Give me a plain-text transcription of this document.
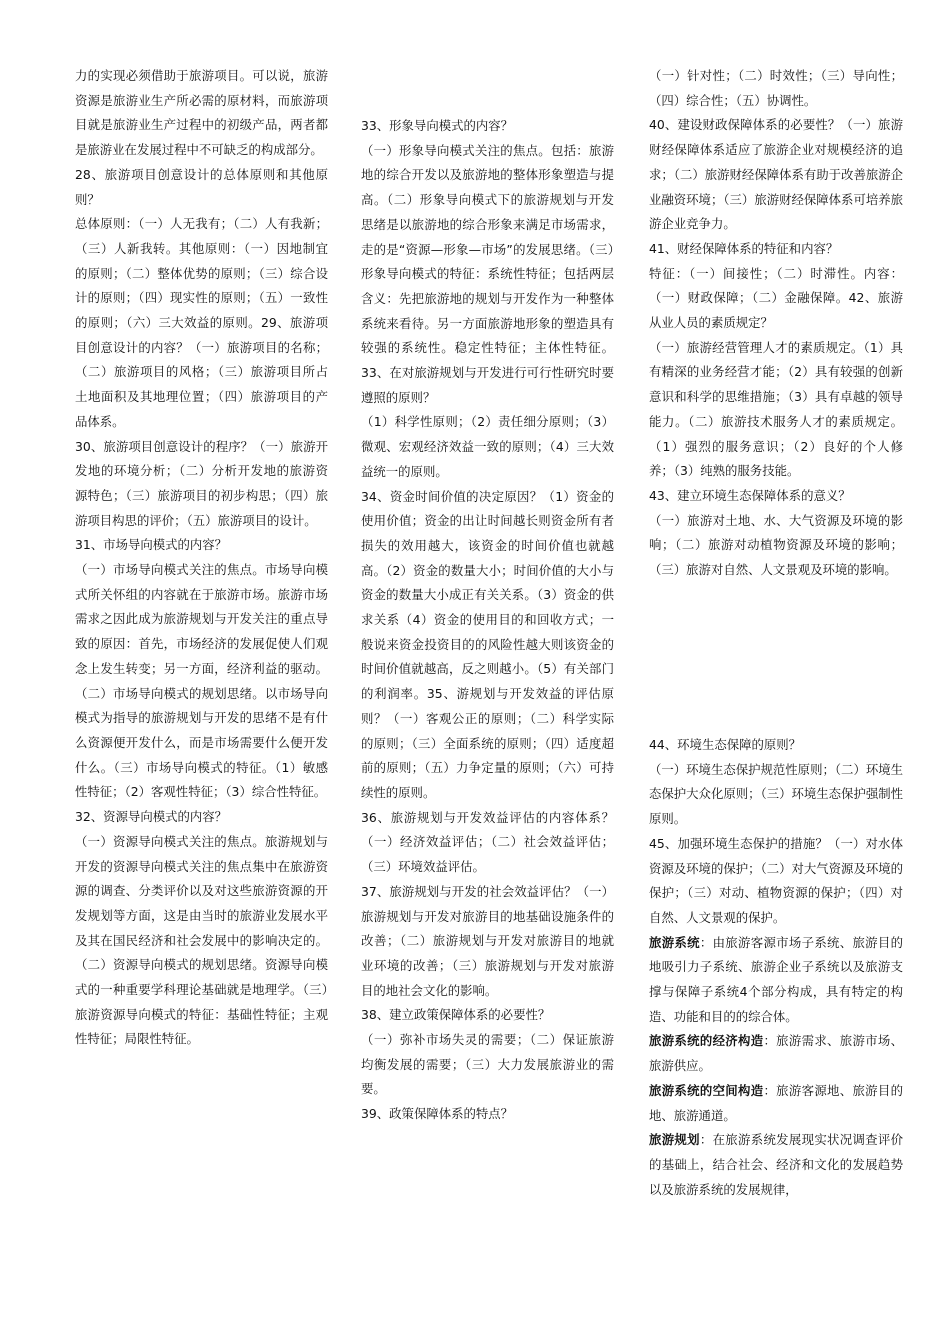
力的实现必须借助于旅游项目。可以说，旅游资源是旅游业生产所必需的原材料，而旅游项目就是旅游业生产过程中的初级产品，两者都是旅游业在发展过程中不可缺乏的构成部分。

28、旅游项目创意设计的总体原则和其他原则？

总体原则：（一）人无我有；（二）人有我新；（三）人新我转。其他原则：（一）因地制宜的原则；（二）整体优势的原则；（三）综合设计的原则；（四）现实性的原则；（五）一致性的原则；（六）三大效益的原则。29、旅游项目创意设计的内容？（一）旅游项目的名称；（二）旅游项目的风格；（三）旅游项目所占土地面积及其地理位置；（四）旅游项目的产品体系。

30、旅游项目创意设计的程序？（一）旅游开发地的环境分析；（二）分析开发地的旅游资源特色；（三）旅游项目的初步构思；（四）旅游项目构思的评价；（五）旅游项目的设计。

31、市场导向模式的内容？

（一）市场导向模式关注的焦点。市场导向模式所关怀组的内容就在于旅游市场。旅游市场需求之因此成为旅游规划与开发关注的重点导致的原因：首先，市场经济的发展促使人们观念上发生转变；另一方面，经济利益的驱动。（二）市场导向模式的规划思绪。以市场导向模式为指导的旅游规划与开发的思绪不是有什么资源便开发什么，而是市场需要什么便开发什么。（三）市场导向模式的特征。（1）敏感性特征；（2）客观性特征；（3）综合性特征。

32、资源导向模式的内容？

（一）资源导向模式关注的焦点。旅游规划与开发的资源导向模式关注的焦点集中在旅游资源的调查、分类评价以及对这些旅游资源的开发规划等方面，这是由当时的旅游业发展水平及其在国民经济和社会发展中的影响决定的。（二）资源导向模式的规划思绪。资源导向模式的一种重要学科理论基础就是地理学。（三）旅游资源导向模式的特征：基础性特征；主观性特征；局限性特征。

33、形象导向模式的内容？

（一）形象导向模式关注的焦点。包括：旅游地的综合开发以及旅游地的整体形象塑造与提高。（二）形象导向模式下的旅游规划与开发思绪是以旅游地的综合形象来满足市场需求，走的是“资源—形象—市场”的发展思绪。（三）形象导向模式的特征：系统性特征；包括两层含义：先把旅游地的规划与开发作为一种整体系统来看待。另一方面旅游地形象的塑造具有较强的系统性。稳定性特征；主体性特征。33、在对旅游规划与开发进行可行性研究时要遵照的原则？

（1）科学性原则；（2）责任细分原则；（3）微观、宏观经济效益一致的原则；（4）三大效益统一的原则。

34、资金时间价值的决定原因？（1）资金的使用价值；资金的出让时间越长则资金所有者损失的效用越大，该资金的时间价值也就越高。（2）资金的数量大小；时间价值的大小与资金的数量大小成正有关关系。（3）资金的供求关系（4）资金的使用目的和回收方式；一般说来资金投资目的的风险性越大则该资金的时间价值就越高，反之则越小。（5）有关部门的利润率。35、游规划与开发效益的评估原则？（一）客观公正的原则；（二）科学实际的原则；（三）全面系统的原则；（四）适度超前的原则；（五）力争定量的原则；（六）可持续性的原则。

36、旅游规划与开发效益评估的内容体系？（一）经济效益评估；（二）社会效益评估；（三）环境效益评估。

37、旅游规划与开发的社会效益评估？（一）旅游规划与开发对旅游目的地基础设施条件的改善；（二）旅游规划与开发对旅游目的地就业环境的改善；（三）旅游规划与开发对旅游目的地社会文化的影响。

38、建立政策保障体系的必要性？

（一）弥补市场失灵的需要；（二）保证旅游均衡发展的需要；（三）大力发展旅游业的需要。

39、政策保障体系的特点？

（一）针对性；（二）时效性；（三）导向性；（四）综合性；（五）协调性。

40、建设财政保障体系的必要性？（一）旅游财经保障体系适应了旅游企业对规模经济的追求；（二）旅游财经保障体系有助于改善旅游企业融资环境；（三）旅游财经保障体系可培养旅游企业竞争力。

41、财经保障体系的特征和内容？

特征：（一）间接性；（二）时滞性。内容：（一）财政保障；（二）金融保障。42、旅游从业人员的素质规定？

（一）旅游经营管理人才的素质规定。（1）具有精深的业务经营才能；（2）具有较强的创新意识和科学的思维措施；（3）具有卓越的领导能力。（二）旅游技术服务人才的素质规定。（1）强烈的服务意识；（2）良好的个人修养；（3）纯熟的服务技能。

43、建立环境生态保障体系的意义？

（一）旅游对土地、水、大气资源及环境的影响；（二）旅游对动植物资源及环境的影响；（三）旅游对自然、人文景观及环境的影响。

44、环境生态保障的原则？

（一）环境生态保护规范性原则；（二）环境生态保护大众化原则；（三）环境生态保护强制性原则。

45、加强环境生态保护的措施？（一）对水体资源及环境的保护；（二）对大气资源及环境的保护；（三）对动、植物资源的保护；（四）对自然、人文景观的保护。

旅游系统：由旅游客源市场子系统、旅游目的地吸引力子系统、旅游企业子系统以及旅游支撑与保障子系统4个部分构成，具有特定的构造、功能和目的的综合体。

旅游系统的经济构造：旅游需求、旅游市场、旅游供应。

旅游系统的空间构造：旅游客源地、旅游目的地、旅游通道。

旅游规划：在旅游系统发展现实状况调查评价的基础上，结合社会、经济和文化的发展趋势以及旅游系统的发展规律，
